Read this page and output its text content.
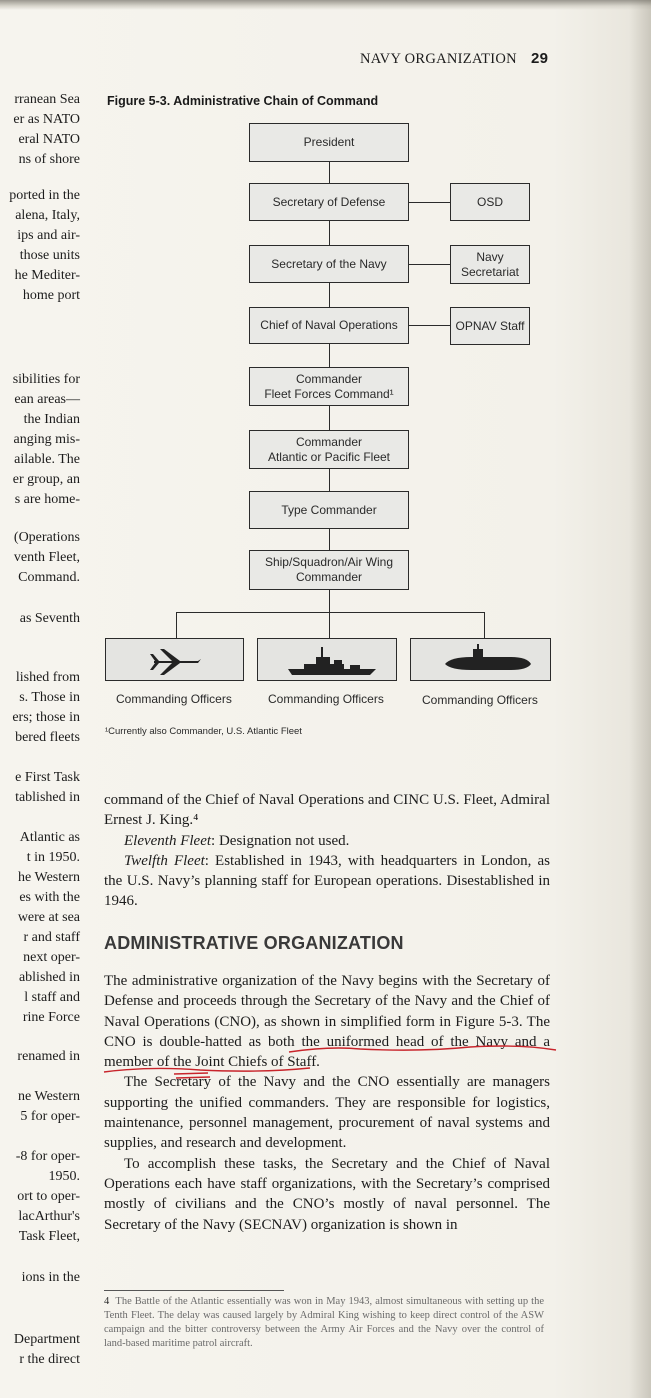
NAVY ORGANIZATION 29
rranean Sea
er as NATO
eral NATO
ns of shore
ported in the
alena, Italy,
ips and air-
those units
he Mediter-
home port
sibilities for
ean areas—
the Indian
anging mis-
ailable. The
er group, an
s are home-
(Operations
venth Fleet,
Command.
as Seventh
lished from
s. Those in
ers; those in
bered fleets
e First Task
tablished in
Atlantic as
t in 1950.
he Western
es with the
were at sea
r and staff
next oper-
ablished in
l staff and
rine Force
renamed in
ne Western
5 for oper-
-8 for oper-
1950.
ort to oper-
lacArthur's
Task Fleet,
ions in the
Department
r the direct
Figure 5-3. Administrative Chain of Command
President
Secretary of Defense
Secretary of the Navy
Chief of Naval Operations
Commander
Fleet Forces Command¹
Commander
Atlantic or Pacific Fleet
Type Commander
Ship/Squadron/Air Wing
Commander
OSD
Navy
Secretariat
OPNAV Staff
Commanding Officers	Commanding Officers	Commanding Officers
¹Currently also Commander, U.S. Atlantic Fleet

command of the Chief of Naval Operations and CINC U.S. Fleet, Admiral Ernest J. King.⁴

Eleventh Fleet: Designation not used.

Twelfth Fleet: Established in 1943, with headquarters in London, as the U.S. Navy’s planning staff for European operations. Disestablished in 1946.

ADMINISTRATIVE ORGANIZATION

The administrative organization of the Navy begins with the Secretary of Defense and proceeds through the Secretary of the Navy and the Chief of Naval Operations (CNO), as shown in simplified form in Figure 5-3. The CNO is double-hatted as both the uniformed head of the Navy and a member of the Joint Chiefs of Staff.

The Secretary of the Navy and the CNO essentially are managers supporting the unified commanders. They are responsible for logistics, maintenance, personnel management, procurement of naval systems and supplies, and research and development.

To accomplish these tasks, the Secretary and the Chief of Naval Operations each have staff organizations, with the Secretary’s comprised mostly of civilians and the CNO’s mostly of naval personnel. The Secretary of the Navy (SECNAV) organization is shown in

4 The Battle of the Atlantic essentially was won in May 1943, almost simultaneous with setting up the Tenth Fleet. The delay was caused largely by Admiral King wishing to keep direct control of the ASW campaign and the bitter controversy between the Army Air Forces and the Navy over the control of land-based maritime patrol aircraft.
